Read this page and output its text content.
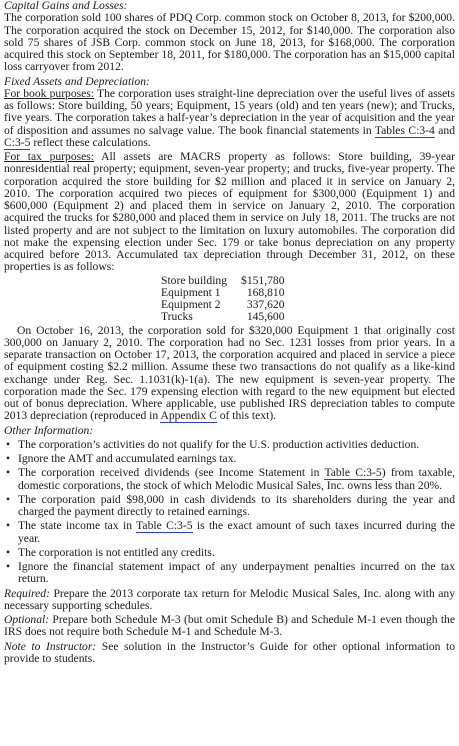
Capital Gains and Losses:

The corporation sold 100 shares of PDQ Corp. common stock on October 8, 2013, for $200,000. The corporation acquired the stock on December 15, 2012, for $140,000. The corporation also sold 75 shares of JSB Corp. common stock on June 18, 2013, for $168,000. The corporation acquired this stock on September 18, 2011, for $180,000. The corporation has an $15,000 capital loss carryover from 2012.

Fixed Assets and Depreciation:

For book purposes: The corporation uses straight-line depreciation over the useful lives of assets as follows: Store building, 50 years; Equipment, 15 years (old) and ten years (new); and Trucks, five years. The corporation takes a half-year’s depreciation in the year of acquisition and the year of disposition and assumes no salvage value. The book financial statements in Tables C:3-4 and C:3-5 reflect these calculations.

For tax purposes: All assets are MACRS property as follows: Store building, 39-year nonresidential real property; equipment, seven-year property; and trucks, five-year property. The corporation acquired the store building for $2 million and placed it in service on January 2, 2010. The corporation acquired two pieces of equipment for $300,000 (Equipment 1) and $600,000 (Equipment 2) and placed them in service on January 2, 2010. The corporation acquired the trucks for $280,000 and placed them in service on July 18, 2011. The trucks are not listed property and are not subject to the limitation on luxury automobiles. The corporation did not make the expensing election under Sec. 179 or take bonus depreciation on any property acquired before 2013. Accumulated tax depreciation through December 31, 2012, on these properties is as follows:

Store building	$151,780
Equipment 1	168,810
Equipment 2	337,620
Trucks	145,600

On October 16, 2013, the corporation sold for $320,000 Equipment 1 that originally cost 300,000 on January 2, 2010. The corporation had no Sec. 1231 losses from prior years. In a separate transaction on October 17, 2013, the corporation acquired and placed in service a piece of equipment costing $2.2 million. Assume these two transactions do not qualify as a like-kind exchange under Reg. Sec. 1.1031(k)-1(a). The new equipment is seven-year property. The corporation made the Sec. 179 expensing election with regard to the new equipment but elected out of bonus depreciation. Where applicable, use published IRS depreciation tables to compute 2013 depreciation (reproduced in Appendix C of this text).

Other Information:

• The corporation’s activities do not qualify for the U.S. production activities deduction.
• Ignore the AMT and accumulated earnings tax.
• The corporation received dividends (see Income Statement in Table C:3-5) from taxable, domestic corporations, the stock of which Melodic Musical Sales, Inc. owns less than 20%.
• The corporation paid $98,000 in cash dividends to its shareholders during the year and charged the payment directly to retained earnings.
• The state income tax in Table C:3-5 is the exact amount of such taxes incurred during the year.
• The corporation is not entitled any credits.
• Ignore the financial statement impact of any underpayment penalties incurred on the tax return.

Required: Prepare the 2013 corporate tax return for Melodic Musical Sales, Inc. along with any necessary supporting schedules.

Optional: Prepare both Schedule M-3 (but omit Schedule B) and Schedule M-1 even though the IRS does not require both Schedule M-1 and Schedule M-3.

Note to Instructor: See solution in the Instructor’s Guide for other optional information to provide to students.
